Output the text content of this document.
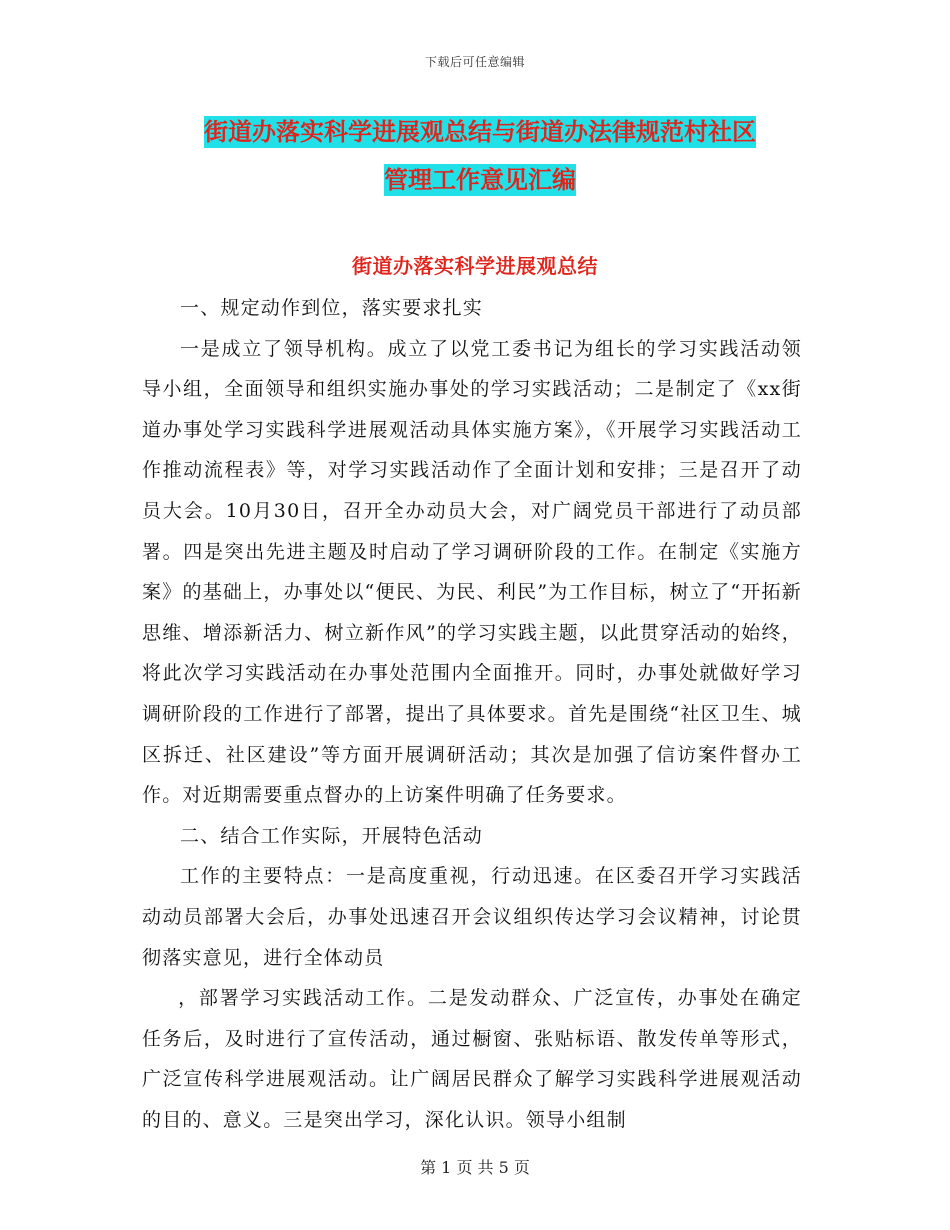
下载后可任意编辑
街道办落实科学进展观总结与街道办法律规范村社区
管理工作意见汇编
街道办落实科学进展观总结

一、规定动作到位，落实要求扎实

一是成立了领导机构。成立了以党工委书记为组长的学习实践活动领导小组，全面领导和组织实施办事处的学习实践活动；二是制定了《xx街道办事处学习实践科学进展观活动具体实施方案》，《开展学习实践活动工作推动流程表》等，对学习实践活动作了全面计划和安排；三是召开了动员大会。10月30日，召开全办动员大会，对广阔党员干部进行了动员部署。四是突出先进主题及时启动了学习调研阶段的工作。在制定《实施方案》的基础上，办事处以“便民、为民、利民”为工作目标，树立了“开拓新思维、增添新活力、树立新作风”的学习实践主题，以此贯穿活动的始终，将此次学习实践活动在办事处范围内全面推开。同时，办事处就做好学习调研阶段的工作进行了部署，提出了具体要求。首先是围绕“社区卫生、城区拆迁、社区建设”等方面开展调研活动；其次是加强了信访案件督办工作。对近期需要重点督办的上访案件明确了任务要求。

二、结合工作实际，开展特色活动

工作的主要特点：一是高度重视，行动迅速。在区委召开学习实践活动动员部署大会后，办事处迅速召开会议组织传达学习会议精神，讨论贯彻落实意见，进行全体动员

，部署学习实践活动工作。二是发动群众、广泛宣传，办事处在确定任务后，及时进行了宣传活动，通过橱窗、张贴标语、散发传单等形式，广泛宣传科学进展观活动。让广阔居民群众了解学习实践科学进展观活动的目的、意义。三是突出学习，深化认识。领导小组制

第 1 页 共 5 页
